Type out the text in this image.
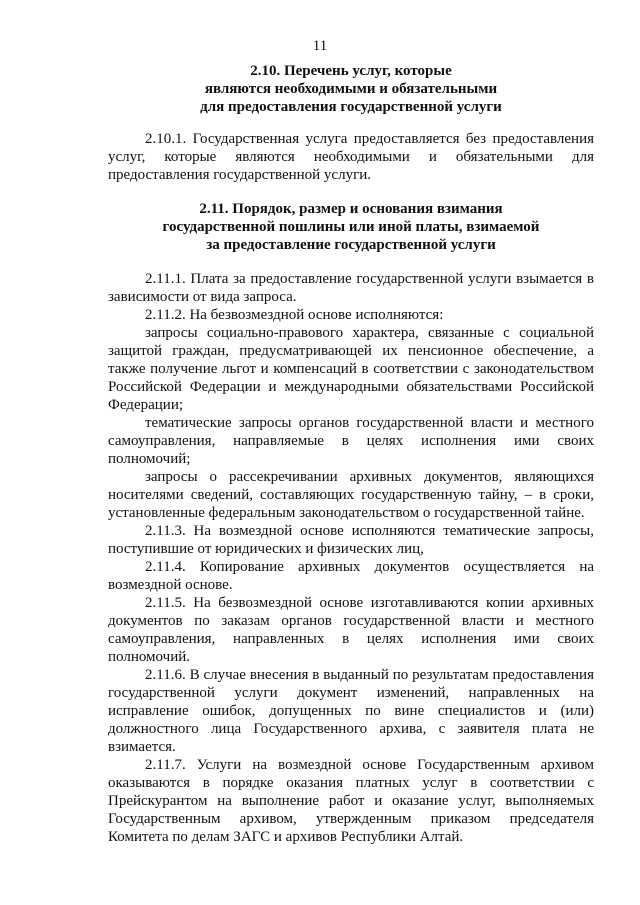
11
2.10. Перечень услуг, которые
являются необходимыми и обязательными
для предоставления государственной услуги

2.10.1. Государственная услуга предоставляется без предоставления услуг, которые являются необходимыми и обязательными для предоставления государственной услуги.

2.11. Порядок, размер и основания взимания
государственной пошлины или иной платы, взимаемой
за предоставление государственной услуги

2.11.1. Плата за предоставление государственной услуги взымается в зависимости от вида запроса.

2.11.2. На безвозмездной основе исполняются:

запросы социально-правового характера, связанные с социальной защитой граждан, предусматривающей их пенсионное обеспечение, а также получение льгот и компенсаций в соответствии с законодательством Российской Федерации и международными обязательствами Российской Федерации;

тематические запросы органов государственной власти и местного самоуправления, направляемые в целях исполнения ими своих полномочий;

запросы о рассекречивании архивных документов, являющихся носителями сведений, составляющих государственную тайну, – в сроки, установленные федеральным законодательством о государственной тайне.

2.11.3. На возмездной основе исполняются тематические запросы, поступившие от юридических и физических лиц,

2.11.4. Копирование архивных документов осуществляется на возмездной основе.

2.11.5. На безвозмездной основе изготавливаются копии архивных документов по заказам органов государственной власти и местного самоуправления, направленных в целях исполнения ими своих полномочий.

2.11.6. В случае внесения в выданный по результатам предоставления государственной услуги документ изменений, направленных на исправление ошибок, допущенных по вине специалистов и (или) должностного лица Государственного архива, с заявителя плата не взимается.

2.11.7. Услуги на возмездной основе Государственным архивом оказываются в порядке оказания платных услуг в соответствии с Прейскурантом на выполнение работ и оказание услуг, выполняемых Государственным архивом, утвержденным приказом председателя Комитета по делам ЗАГС и архивов Республики Алтай.
